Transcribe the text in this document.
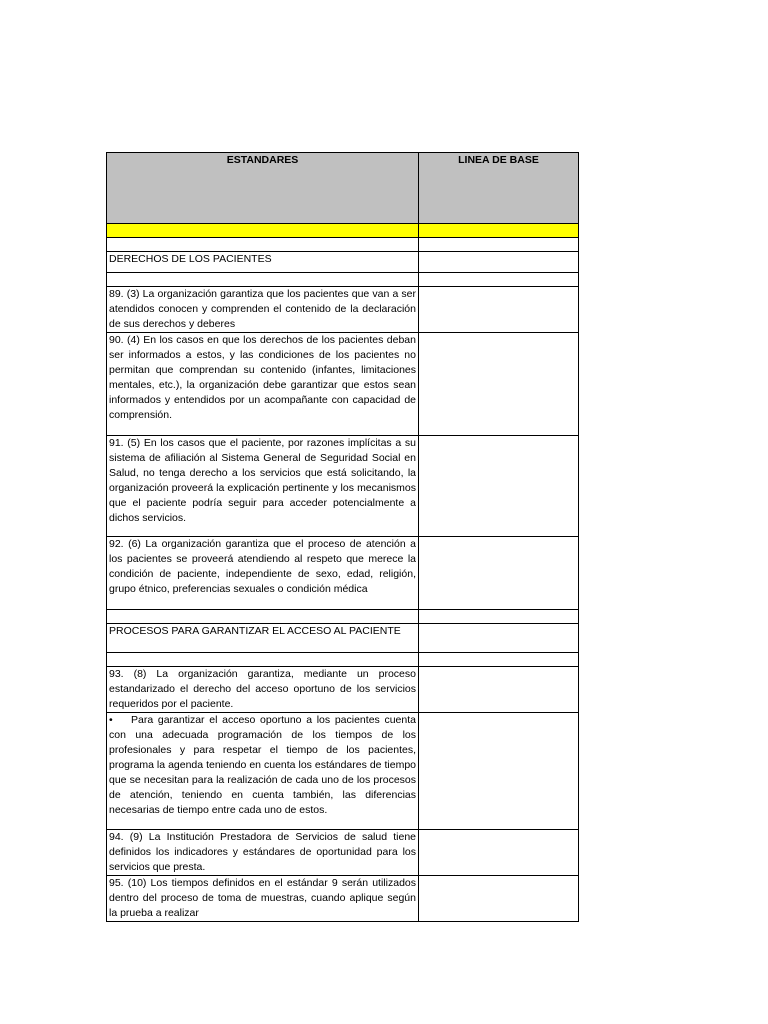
ESTANDARES	LINEA DE BASE

DERECHOS DE LOS PACIENTES	

89. (3) La organización garantiza que los pacientes que van a ser atendidos conocen y comprenden el contenido de la declaración de sus derechos y deberes	
90. (4) En los casos en que los derechos de los pacientes deban ser informados a estos, y las condiciones de los pacientes no permitan que comprendan su contenido (infantes, limitaciones mentales, etc.), la organización debe garantizar que estos sean informados y entendidos por un acompañante con capacidad de comprensión.	
91. (5) En los casos que el paciente, por razones implícitas a su sistema de afiliación al Sistema General de Seguridad Social en Salud, no tenga derecho a los servicios que está solicitando, la organización proveerá la explicación pertinente y los mecanismos que el paciente podría seguir para acceder potencialmente a dichos servicios.	
92. (6) La organización garantiza que el proceso de atención a los pacientes se proveerá atendiendo al respeto que merece la condición de paciente, independiente de sexo, edad, religión, grupo étnico, preferencias sexuales o condición médica	

PROCESOS PARA GARANTIZAR EL ACCESO AL PACIENTE	

93. (8) La organización garantiza, mediante un proceso estandarizado el derecho del acceso oportuno de los servicios requeridos por el paciente.	
• Para garantizar el acceso oportuno a los pacientes cuenta con una adecuada programación de los tiempos de los profesionales y para respetar el tiempo de los pacientes, programa la agenda teniendo en cuenta los estándares de tiempo que se necesitan para la realización de cada uno de los procesos de atención, teniendo en cuenta también, las diferencias necesarias de tiempo entre cada uno de estos.	
94. (9) La Institución Prestadora de Servicios de salud tiene definidos los indicadores y estándares de oportunidad para los servicios que presta.	
95. (10) Los tiempos definidos en el estándar 9 serán utilizados dentro del proceso de toma de muestras, cuando aplique según la prueba a realizar	
